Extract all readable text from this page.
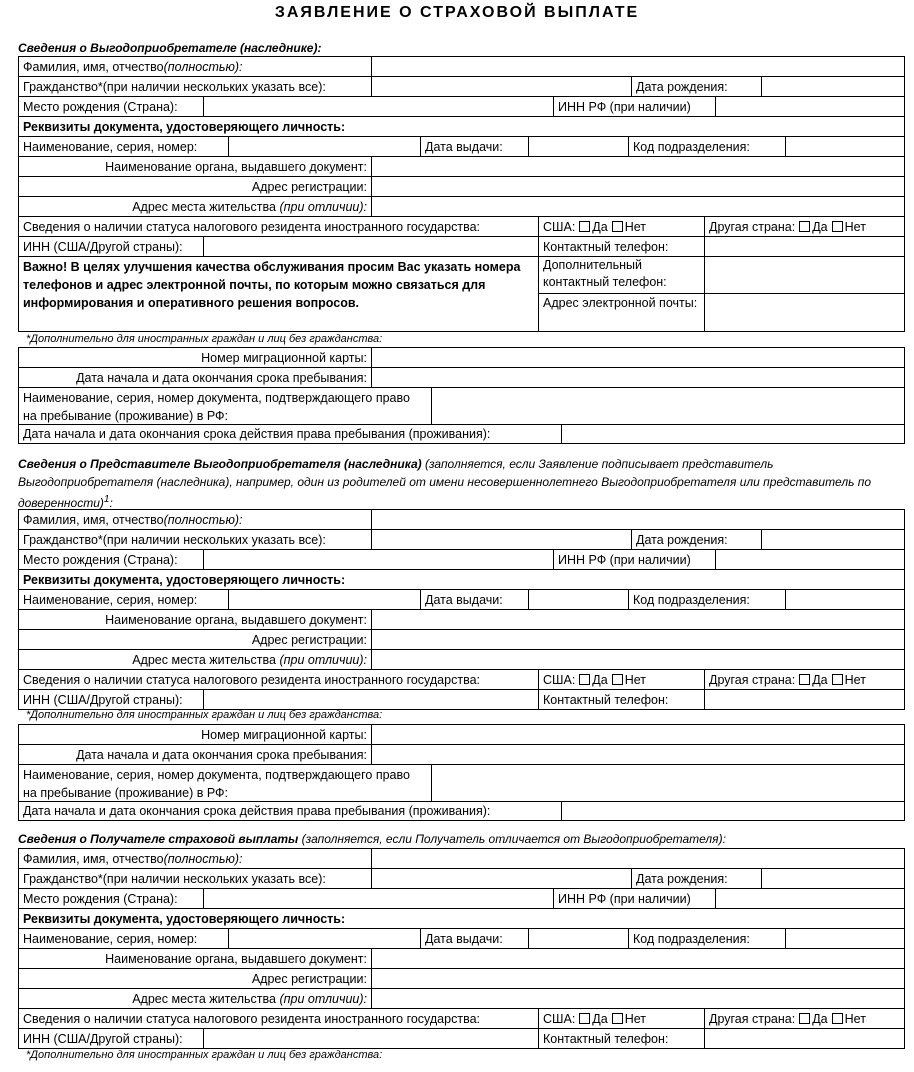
ЗАЯВЛЕНИЕ О СТРАХОВОЙ ВЫПЛАТЕ
Сведения о Выгодоприобретателе (наследнике):
Фамилия, имя, отчество (полностью):
Гражданство*(при наличии нескольких указать все):	Дата рождения:
Место рождения (Страна):	ИНН РФ (при наличии)
Реквизиты документа, удостоверяющего личность:
Наименование, серия, номер:	Дата выдачи:	Код подразделения:
Наименование органа, выдавшего документ:
Адрес регистрации:
Адрес места жительства
(при отличии):
Сведения о наличии статуса налогового резидента иностранного государства:	США: Да Нет	Другая страна: Да Нет
ИНН (США/Другой страны):	Контактный телефон:
Важно! В целях улучшения качества обслуживания просим Вас указать номера телефонов и адрес электронной почты, по которым можно связаться для информирования и оперативного решения вопросов.
Дополнительный контактный телефон:
Адрес электронной почты:
*Дополнительно для иностранных граждан и лиц без гражданства:
Номер миграционной карты:
Дата начала и дата окончания срока пребывания:
Наименование, серия, номер документа, подтверждающего право на пребывание (проживание) в РФ:
Дата начала и дата окончания срока действия права пребывания (проживания):
Сведения о Представителе Выгодоприобретателя (наследника) (заполняется, если Заявление подписывает представитель Выгодоприобретателя (наследника), например, один из родителей от имени несовершеннолетнего Выгодоприобретателя или представитель по доверенности)$^1$:
Фамилия, имя, отчество (полностью):
Гражданство*(при наличии нескольких указать все):	Дата рождения:
Место рождения (Страна):	ИНН РФ (при наличии)
Реквизиты документа, удостоверяющего личность:
Наименование, серия, номер:	Дата выдачи:	Код подразделения:
Наименование органа, выдавшего документ:
Адрес регистрации:
Адрес места жительства
(при отличии):
Сведения о наличии статуса налогового резидента иностранного государства:	США: Да Нет	Другая страна: Да Нет
ИНН (США/Другой страны):	Контактный телефон:
*Дополнительно для иностранных граждан и лиц без гражданства:
Номер миграционной карты:
Дата начала и дата окончания срока пребывания:
Наименование, серия, номер документа, подтверждающего право на пребывание (проживание) в РФ:
Дата начала и дата окончания срока действия права пребывания (проживания):
Сведения о Получателе страховой выплаты (заполняется, если Получатель отличается от Выгодоприобретателя):
Фамилия, имя, отчество (полностью):
Гражданство*(при наличии нескольких указать все):	Дата рождения:
Место рождения (Страна):	ИНН РФ (при наличии)
Реквизиты документа, удостоверяющего личность:
Наименование, серия, номер:	Дата выдачи:	Код подразделения:
Наименование органа, выдавшего документ:
Адрес регистрации:
Адрес места жительства
(при отличии):
Сведения о наличии статуса налогового резидента иностранного государства:	США: Да Нет	Другая страна: Да Нет
ИНН (США/Другой страны):	Контактный телефон:
*Дополнительно для иностранных граждан и лиц без гражданства:
